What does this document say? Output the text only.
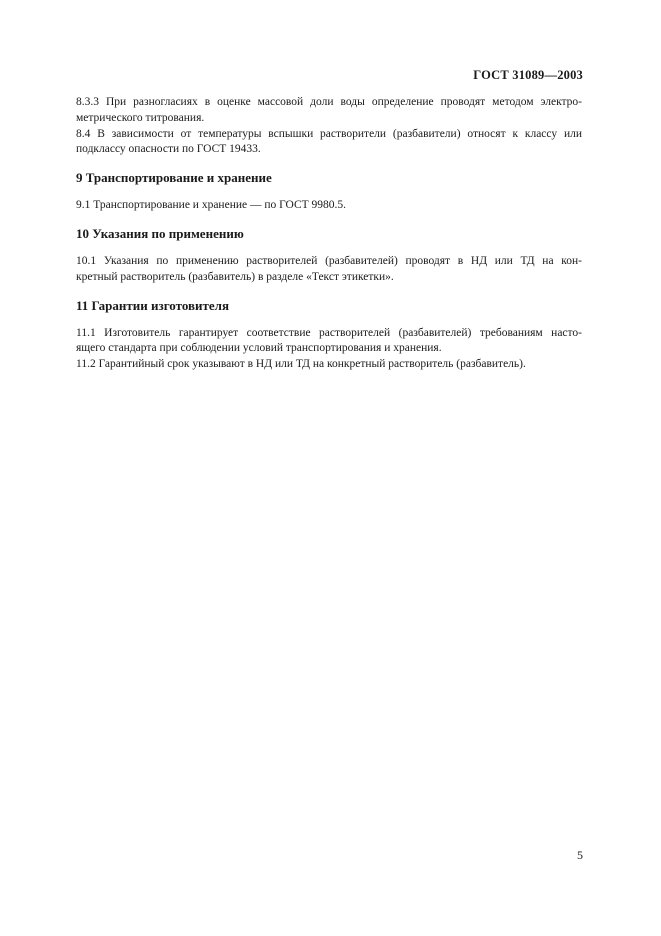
ГОСТ 31089—2003

8.3.3 При разногласиях в оценке массовой доли воды определение проводят методом электро-

метрического титрования.

8.4 В зависимости от температуры вспышки растворители (разбавители) относят к классу или

подклассу опасности по ГОСТ 19433.

9 Транспортирование и хранение

9.1 Транспортирование и хранение — по ГОСТ 9980.5.

10 Указания по применению

10.1 Указания по применению растворителей (разбавителей) проводят в НД или ТД на кон-

кретный растворитель (разбавитель) в разделе «Текст этикетки».

11 Гарантии изготовителя

11.1 Изготовитель гарантирует соответствие растворителей (разбавителей) требованиям насто-

ящего стандарта при соблюдении условий транспортирования и хранения.

11.2 Гарантийный срок указывают в НД или ТД на конкретный растворитель (разбавитель).

5
